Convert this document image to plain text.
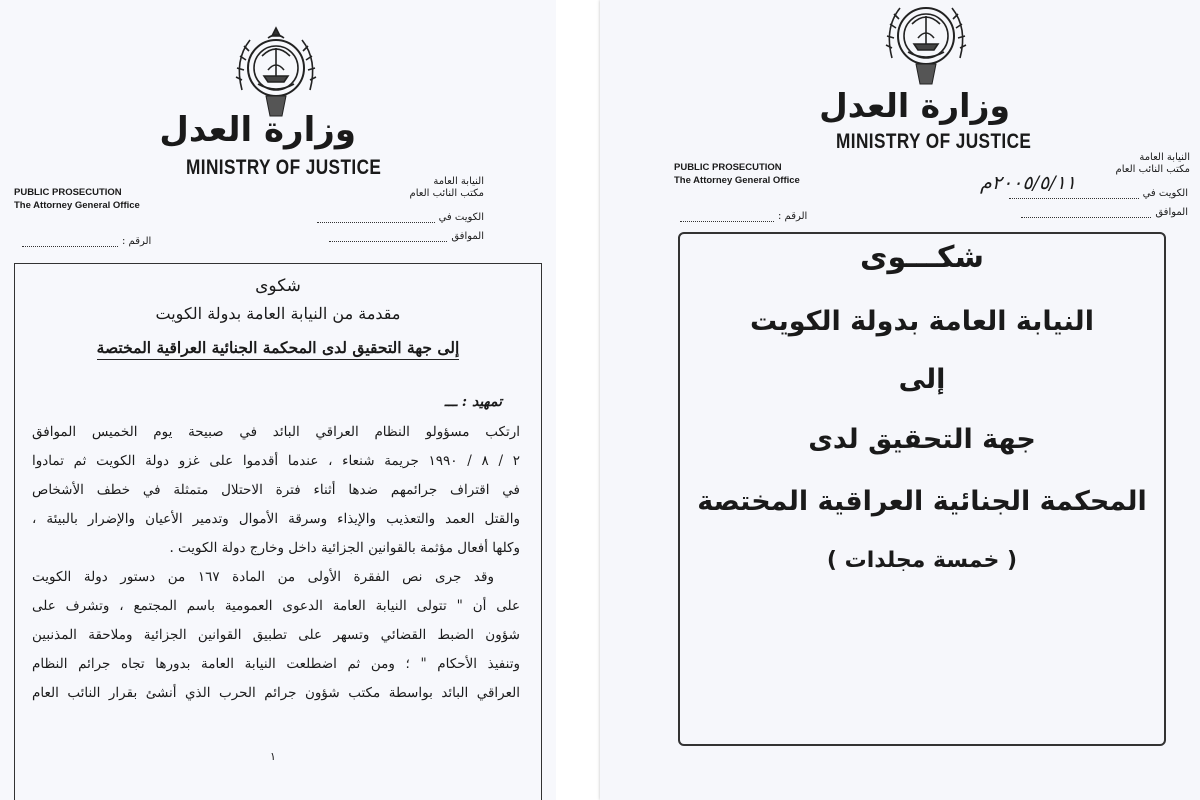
وزارة العدل
MINISTRY OF JUSTICE
PUBLIC PROSECUTION
The Attorney General Office
النيابة العامة
مكتب النائب العام
الكويت في
الموافق
الرقم :
شكوى
مقدمة من النيابة العامة بدولة الكويت
إلى جهة التحقيق لدى المحكمة الجنائية العراقية المختصة
تمهيد : ـــ
ارتكب مسؤولو النظام العراقي البائد في صبيحة يوم الخميس الموافق
٢ / ٨ / ١٩٩٠ جريمة شنعاء ، عندما أقدموا على غزو دولة الكويت ثم تمادوا
في اقتراف جرائمهم ضدها أثناء فترة الاحتلال متمثلة في خطف الأشخاص
والقتل العمد والتعذيب والإيذاء وسرقة الأموال وتدمير الأعيان والإضرار بالبيئة ،
وكلها أفعال مؤثمة بالقوانين الجزائية داخل وخارج دولة الكويت .
وقد جرى نص الفقرة الأولى من المادة ١٦٧ من دستور دولة الكويت
على أن " تتولى النيابة العامة الدعوى العمومية باسم المجتمع ، وتشرف على
شؤون الضبط القضائي وتسهر على تطبيق القوانين الجزائية وملاحقة المذنبين
وتنفيذ الأحكام " ؛ ومن ثم اضطلعت النيابة العامة بدورها تجاه جرائم النظام
العراقي البائد بواسطة مكتب شؤون جرائم الحرب الذي أنشئ بقرار النائب العام
١
وزارة العدل
MINISTRY OF JUSTICE
PUBLIC PROSECUTION
The Attorney General Office
النيابة العامة
مكتب النائب العام
الكويت في
٢٠٠٥/٥/١١م
الموافق
الرقم :
شكـــوى
النيابة العامة بدولة الكويت
إلى
جهة التحقيق لدى
المحكمة الجنائية العراقية المختصة
( خمسة مجلدات )
